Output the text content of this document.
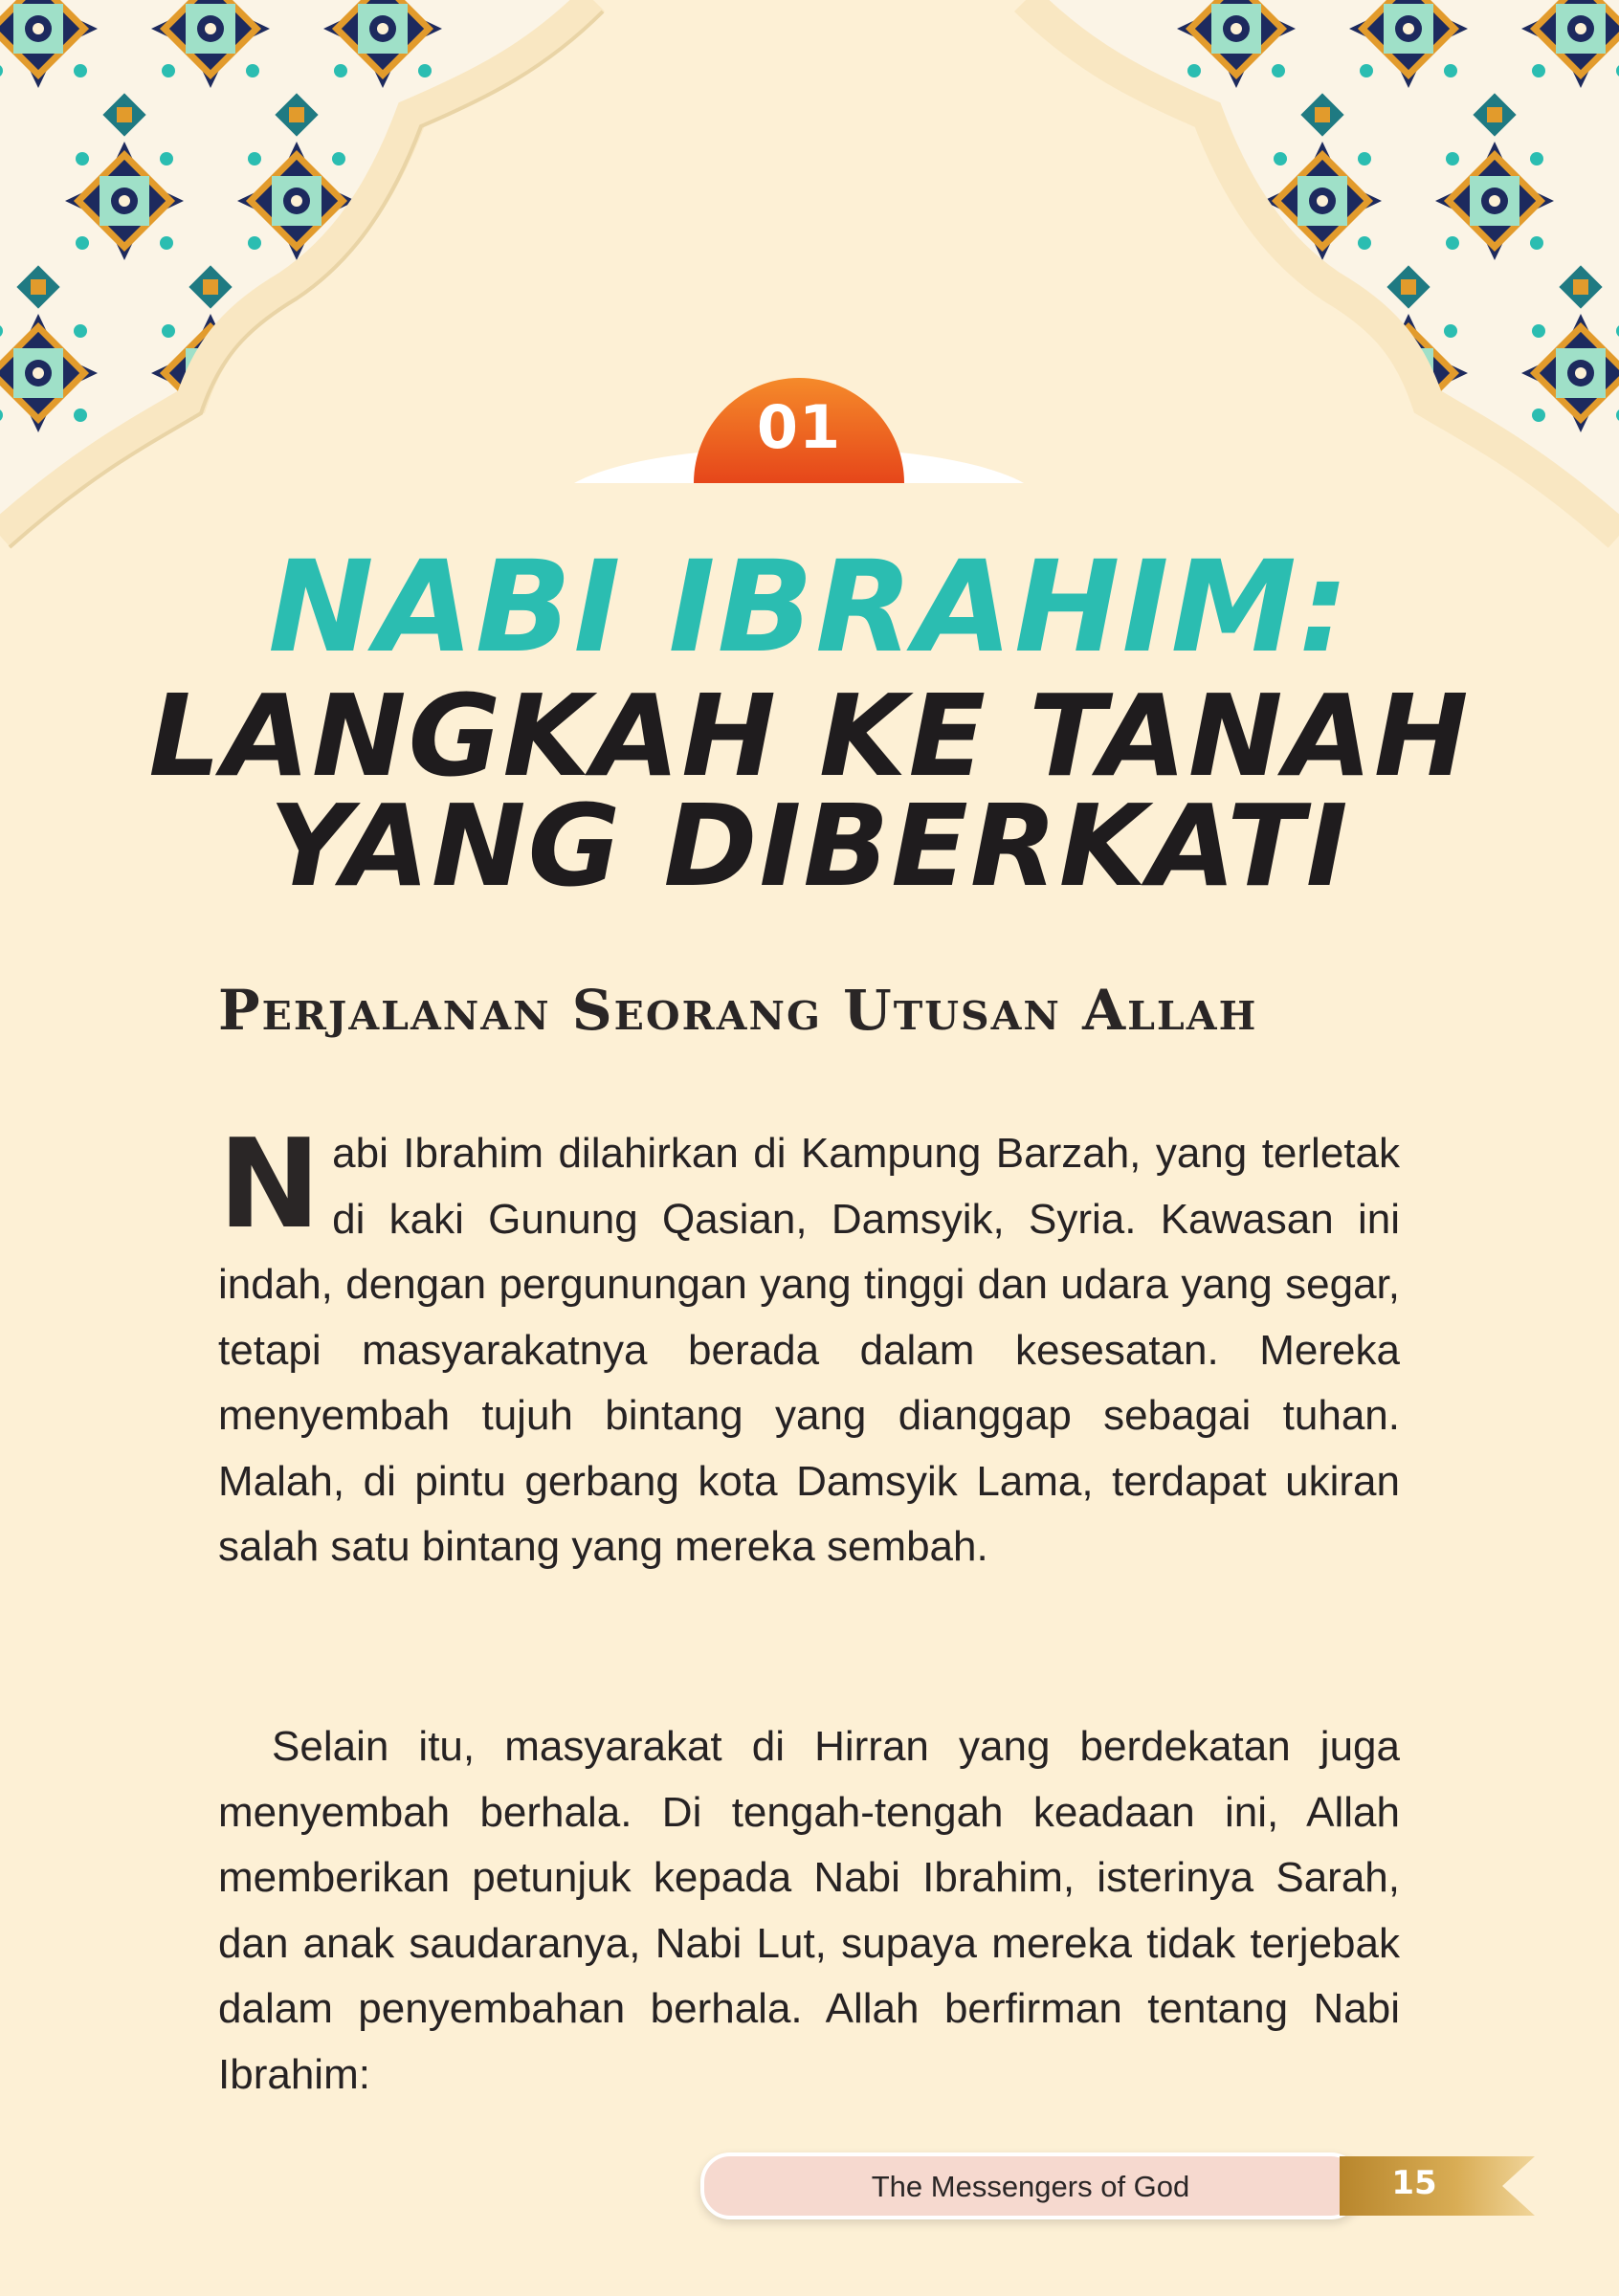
01
NABI IBRAHIM:
LANGKAH KE TANAH
YANG DIBERKATI
Perjalanan Seorang Utusan Allah
Nabi Ibrahim dilahirkan di Kampung Barzah, yang terletak di kaki Gunung Qasian, Damsyik, Syria. Kawasan ini indah, dengan pergunungan yang tinggi dan udara yang segar, tetapi masyarakatnya berada dalam kesesatan. Mereka menyembah tujuh bintang yang dianggap sebagai tuhan. Malah, di pintu gerbang kota Damsyik Lama, terdapat ukiran salah satu bintang yang mereka sembah.
Selain itu, masyarakat di Hirran yang berdekatan juga menyembah berhala. Di tengah-tengah keadaan ini, Allah memberikan petunjuk kepada Nabi Ibrahim, isterinya Sarah, dan anak saudaranya, Nabi Lut, supaya mereka tidak terjebak dalam penyembahan berhala. Allah berfirman tentang Nabi Ibrahim:
The Messengers of God	15
